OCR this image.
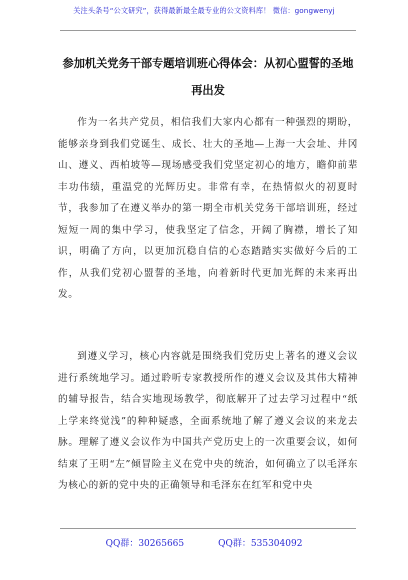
关注头条号“公文研究”，获得最新最全最专业的公文资料库！ 微信：gongwenyj
参加机关党务干部专题培训班心得体会：从初心盟誓的圣地再出发
作为一名共产党员，相信我们大家内心都有一种强烈的期盼，能够亲身到我们党诞生、成长、壮大的圣地—上海一大会址、井冈山、遵义、西柏坡等—现场感受我们党坚定初心的地方，瞻仰前辈丰功伟绩，重温党的光辉历史。非常有幸，在热情似火的初夏时节，我参加了在遵义举办的第一期全市机关党务干部培训班，经过短短一周的集中学习，使我坚定了信念，开阔了胸襟，增长了知识，明确了方向，以更加沉稳自信的心态踏踏实实做好今后的工作，从我们党初心盟誓的圣地，向着新时代更加光辉的未来再出发。
到遵义学习，核心内容就是围绕我们党历史上著名的遵义会议进行系统地学习。通过聆听专家教授所作的遵义会议及其伟大精神的辅导报告，结合实地现场教学，彻底解开了过去学习过程中“纸上学来终觉浅”的种种疑惑，全面系统地了解了遵义会议的来龙去脉。理解了遵义会议作为中国共产党历史上的一次重要会议，如何结束了王明“左”倾冒险主义在党中央的统治，如何确立了以毛泽东为核心的新的党中央的正确领导和毛泽东在红军和党中央
QQ群：30265665	QQ群：535304092
